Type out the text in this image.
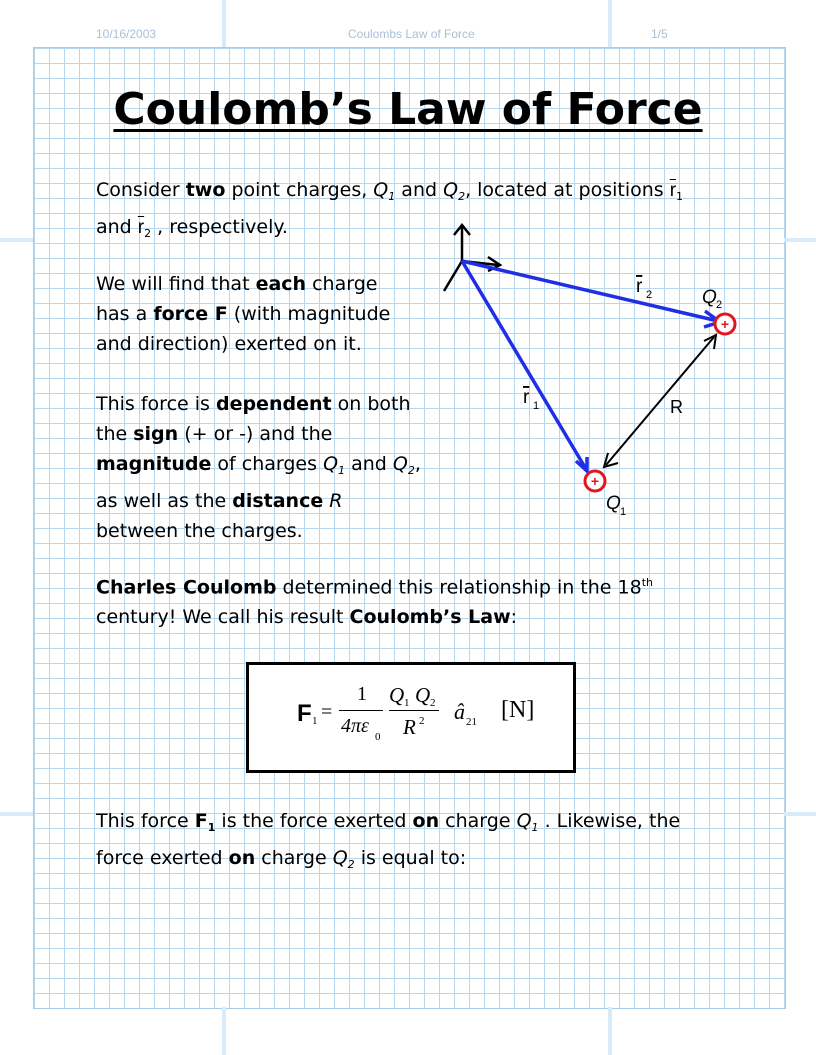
10/16/2003	Coulombs Law of Force	1/5
Coulomb’s Law of Force
Consider two point charges, $Q_1$ and $Q_2$, located at positions $\overline{r}_1$
and $\overline{r}_2$ , respectively.
We will find that each charge
has a force F (with magnitude
and direction) exerted on it.
This force is dependent on both
the sign (+ or -) and the
magnitude of charges $Q_1$ and $Q_2$,
as well as the distance R
between the charges.
+
+
r 2
r 1	R
Q 2
Q 1
Charles Coulomb determined this relationship in the 18th
century! We call his result Coulomb’s Law:
F 1 =
1
4πε 0
Q 1 Q 2
R 2 â 21 [N]
This force $F_1$ is the force exerted on charge $Q_1$ . Likewise, the
force exerted on charge $Q_2$ is equal to:
